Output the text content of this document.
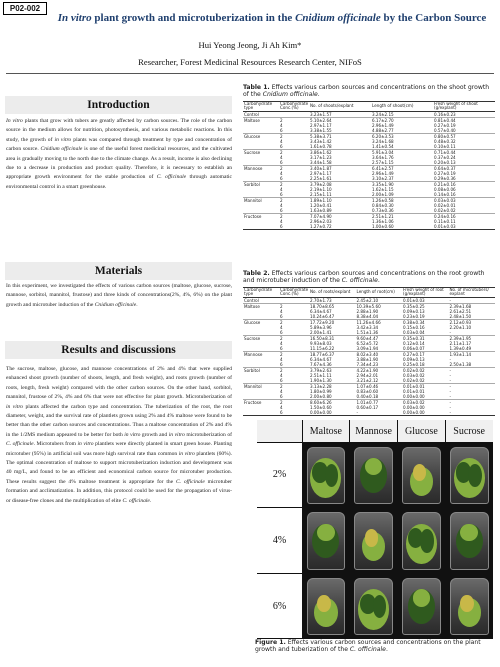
P02-002
In vitro plant growth and microtuberization in the Cnidium officinale by the Carbon Source
Hui Yeong Jeong, Ji Ah Kim*
Researcher, Forest Medicinal Resources Research Center, NIFoS
Introduction
In vitro plants that grow with tubers are greatly affected by carbon sources. The role of the carbon source in the medium allows for nutrition, photosynthesis, and various metabolic reactions. In this study, the growth of in vitro plants was compared through treatment by type and concentration of carbon source. Cnidium officinale is one of the useful forest medicinal resources, and the cultivated area is gradually moving to the north due to the climate change. As a result, income is also declining due to a decrease in production and product quality. Therefore, it is necessary to establish an appropriate growth environment for the stable production of C. officinale through automatic environmental control in a smart greenhouse.
Materials
In this experiment, we investigated the effects of various carbon sources (maltose, glucose, sucrose, mannose, sorbitol, mannitol, frustose) and three kinds of concentrations(2%, 4%, 6%) on the plant growth and microtuber induction of the Cnidium officinale.
Results and discussions
The sucrose, maltose, glucose, and mannose concentrations of 2% and 4% that were supplied enhanced shoot growth (number of shoots, length, and fresh weight), and roots growth (number of roots, length, fresh weight) compared with the other carbon sources. On the other hand, sorbitol, mannitol, frustose of 2%, 4% and 6% that were not effective for plant growth. Microtuberization of in vitro plants affected the carbon type and concentration. The tuberization of the root, the root diameter, weight, and the survival rate of plantlets grown using 2% and 4% maltose were found to be better than the other carbon sources and concentrations. Thus a maltose concentration of 2% and 4% in the 1/2MS medium appeared to be better for both in vitro growth and in vitro microtuberization of C. officinale. Microtubers from in vitro plantlets were directly planted in smart green house. Planting microtuber (95%) in artificial soil was more high survival rate than common in vitro plantlets (60%). The optimal concentration of maltose to support microtuberization induction and development was 40 mg/L, and found to be an efficient and economical carbon source for microtuber production. These results suggest the 4% maltose treatment is appropriate for the C. officinale microtuber formation and acclimatization. In addition, this protocol could be used for the propagation of virus- or disease-free clones and the multiplication of elite C. officinale.
Table 1. Effects various carbon sources and concentrations on the shoot growth of the Cnidium officinale.
Carbohydrate type	Carbohydrate Conc.(%)	No. of shoots/explant	Length of shoot(cm)	Fresh weight of shoot (g/explant)
Control		3.23±1.57	3.24±2.15	0.16±0.23
Maltose	2	5.10±2.64	6.17±2.70	0.81±0.44
	4	2.97±1.17	2.96±1.49	0.27±0.19
	6	3.38±1.55	4.88±2.77	0.57±0.40
Glucose	2	5.38±3.71	6.20±3.53	0.80±0.57
	4	3.43±1.42	3.24±1.68	0.48±0.32
	6	1.61±0.78	1.41±0.54	0.10±0.11
Sucrose	2	3.86±1.62	5.91±3.04	0.71±0.44
	4	3.17±1.23	3.64±1.76	0.37±0.24
	6	3.44±1.58	2.57±1.15	0.20±0.13
Mannose	2	3.40±1.87	6.41±2.57	0.64±0.37
	4	2.97±1.17	2.96±1.49	0.27±0.19
	6	2.25±1.61	3.10±2.37	0.29±0.36
Sorbitol	2	3.79±2.08	3.35±1.90	0.21±0.16
	4	2.19±1.10	1.62±1.15	0.08±0.06
	6	2.15±1.11	2.00±1.09	0.14±0.16
Mannitol	2	1.89±1.10	1.26±0.58	0.03±0.03
	4	1.20±0.41	0.84±0.30	0.02±0.01
	6	1.63±0.89	0.73±0.36	0.02±0.02
Fructose	2	7.07±4.90	2.51±1.21	0.24±0.16
	4	2.96±2.03	1.36±1.06	0.11±0.11
	6	1.27±0.72	1.00±0.60	0.01±0.03
Table 2. Effects various carbon sources and concentrations on the root growth and microtuber induction of the C. officinale.
Carbohydrate type	Carbohydrate Conc.(%)	No. of roots/explant	Length of root(cm)	Fresh weight of root (g/explant)	No. of microtubers/ explant
Control		2.70±1.73	2.45±2.10	0.01±0.03	-
Maltose	2	18.70±8.65	10.39±5.60	0.35±0.25	2.39±1.68
	4	6.34±4.67	2.88±1.90	0.09±0.13	2.61±2.51
	6	10.24±6.47	8.38±4.04	0.23±0.19	2.48±1.50
Glucose	2	17.72±9.20	11.26±4.66	0.38±0.34	2.12±0.93
	4	5.89±3.96	3.42±3.34	0.15±0.16	2.20±1.10
	6	2.00±1.41	1.51±1.36	0.03±0.04	-
Sucrose	2	16.50±8.31	9.60±4.47	0.35±0.31	2.39±1.95
	4	9.93±8.03	6.52±5.72	0.12±0.14	2.11±1.17
	6	11.15±6.22	3.09±1.94	0.06±0.07	1.39±0.49
Mannose	2	18.77±6.37	8.02±3.40	0.27±0.17	1.93±1.14
	4	6.34±4.67	3.88±1.90	0.09±0.13	-
	6	7.67±4.36	7.34±4.23	0.25±0.18	2.50±1.38
Sorbitol	2	3.79±2.63	4.22±1.90	0.02±0.02	-
	4	2.51±1.11	2.94±2.01	0.03±0.02	-
	6	1.90±1.30	3.21±2.12	0.02±0.02	-
Mannitol	2	3.13±2.28	1.07±0.46	0.01±0.01	-
	4	1.80±0.99	0.83±0.60	0.01±0.01	-
	6	2.00±0.80	0.40±0.18	0.00±0.00	-
Fructose	2	8.60±6.26	1.01±0.77	0.03±0.02	-
	4	1.50±0.60	0.60±0.17	0.00±0.00	-
	6	0.00±0.00	-	0.00±0.00	-
Maltose	Mannose	Glucose	Sucrose
2%
4%
6%
Figure 1. Effects various carbon sources and concentrations on the plant growth and tuberization of the C. officinale.
